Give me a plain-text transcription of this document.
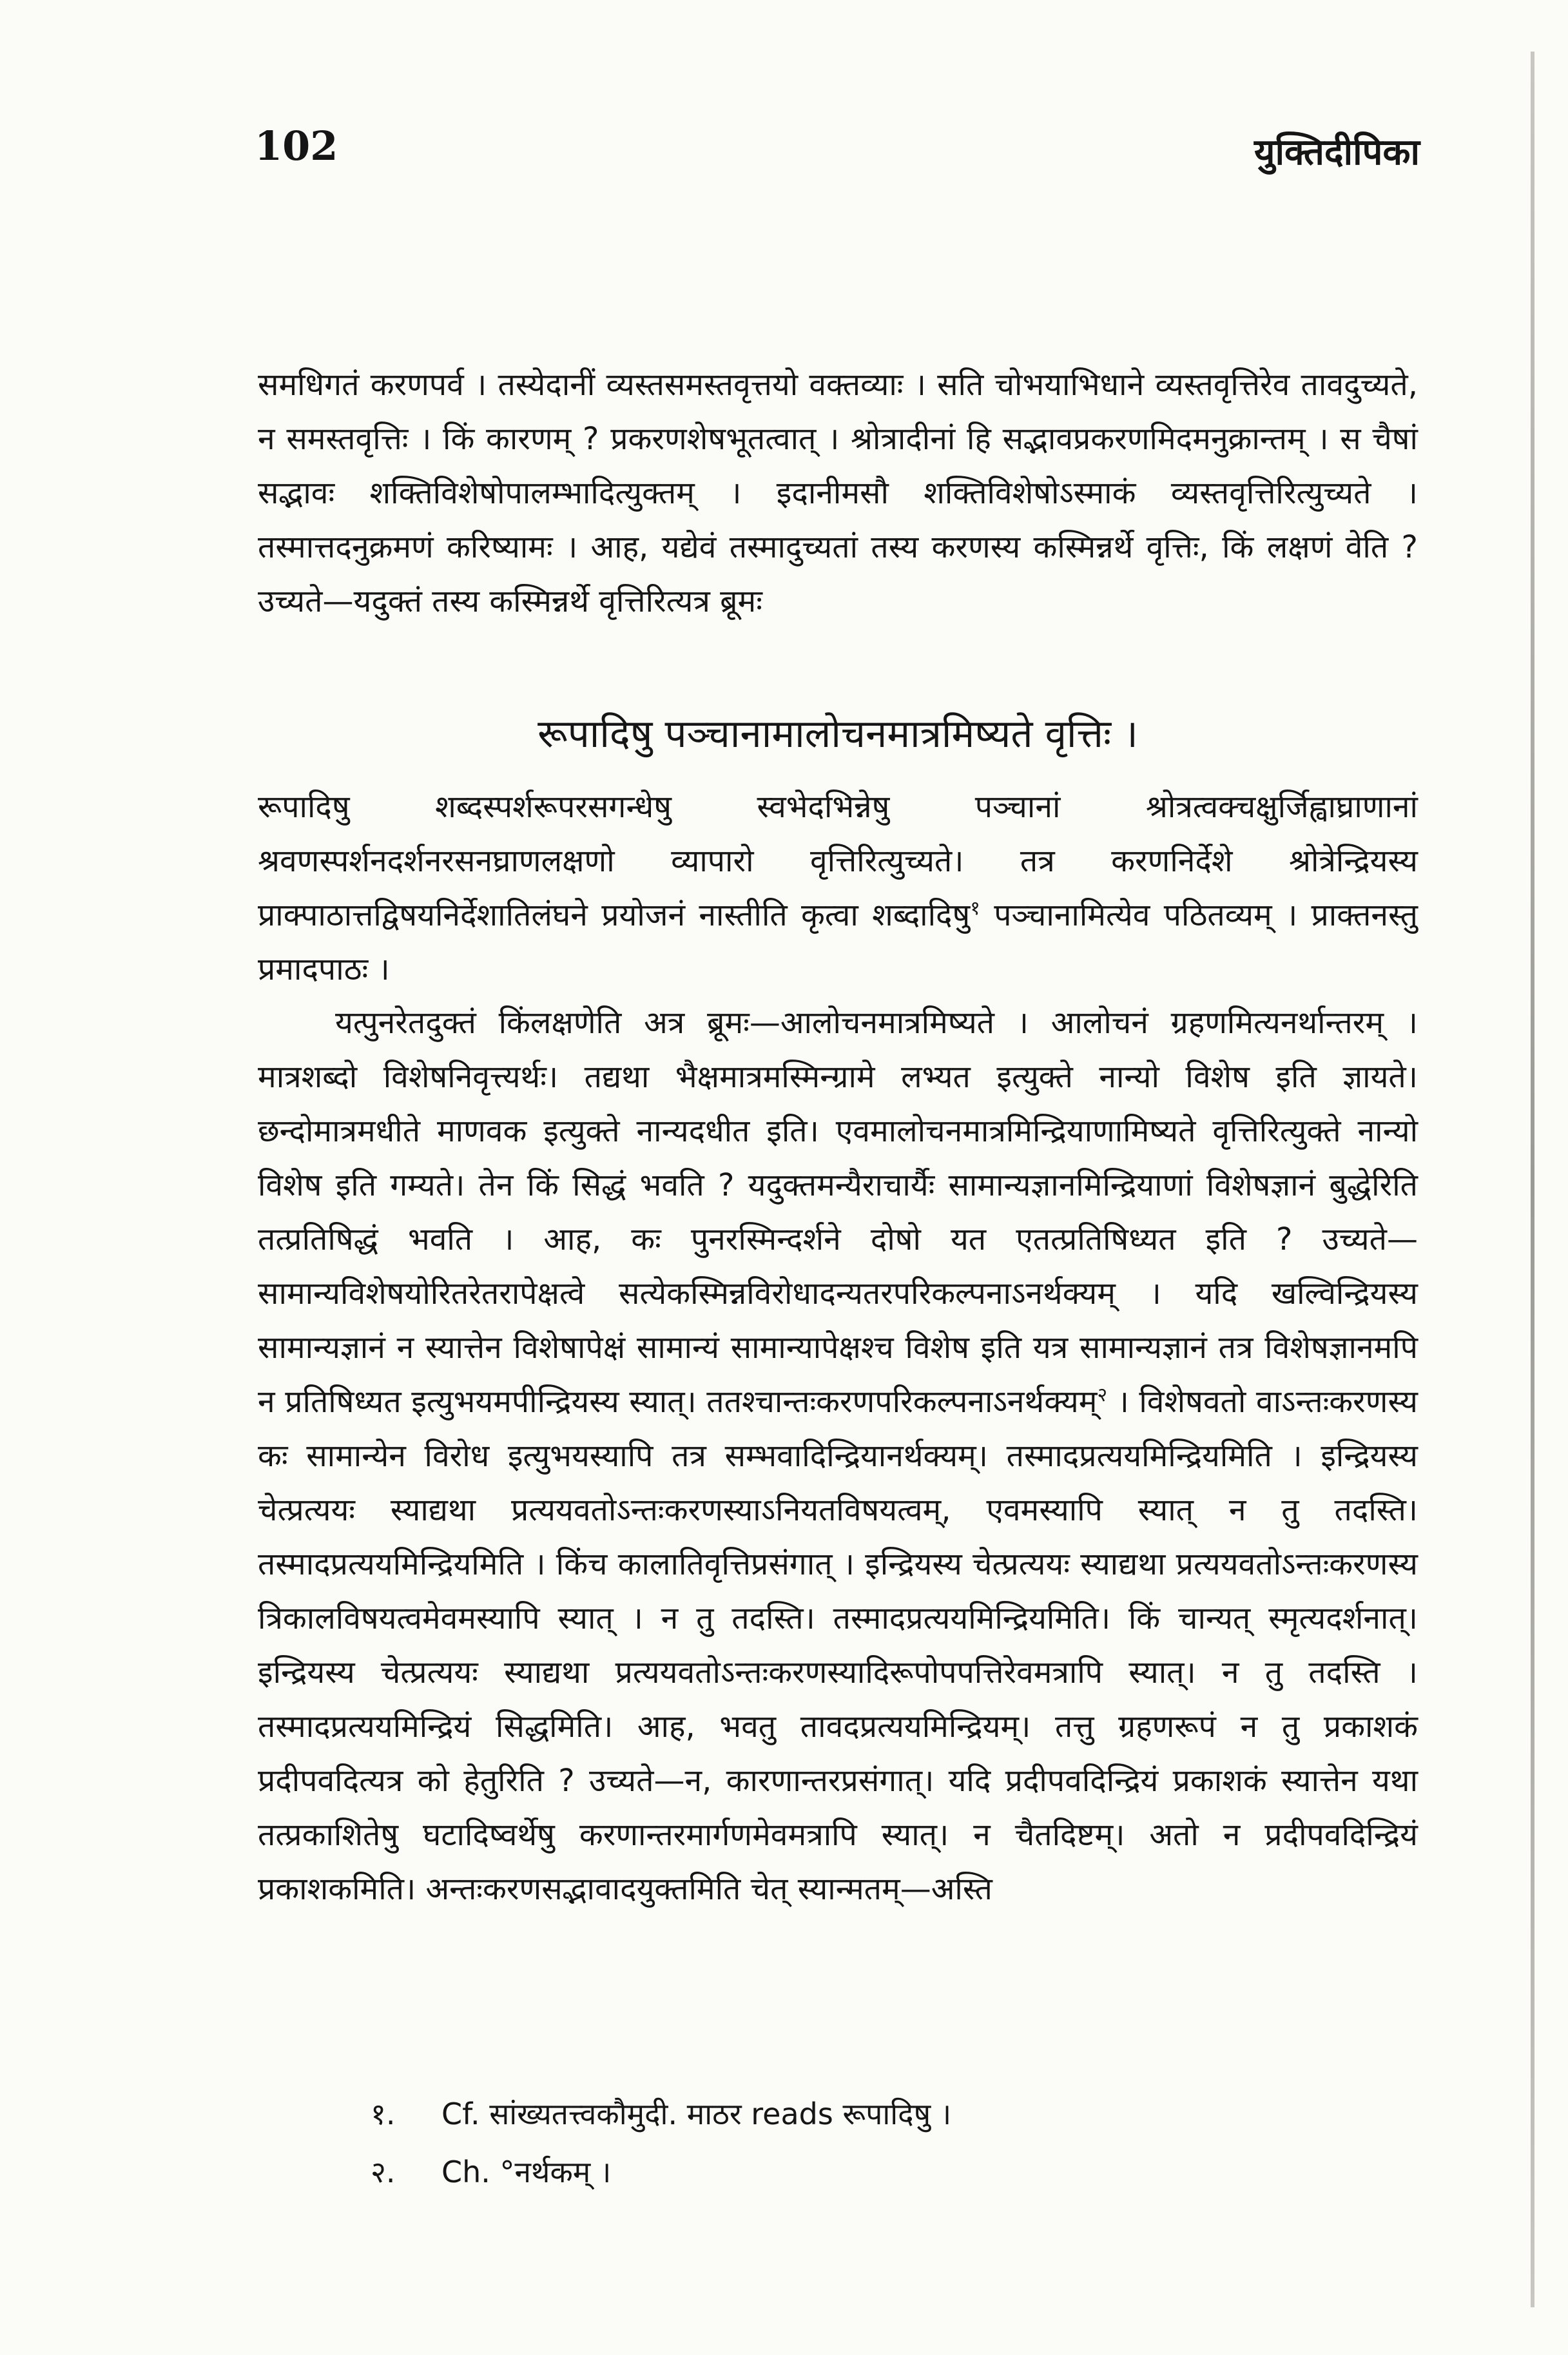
102	युक्तिदीपिका

समधिगतं करणपर्व । तस्येदानीं व्यस्तसमस्तवृत्तयो वक्तव्याः । सति चोभयाभिधाने व्यस्तवृत्तिरेव तावदुच्यते, न समस्तवृत्तिः । किं कारणम् ? प्रकरणशेषभूतत्वात् । श्रोत्रादीनां हि सद्भावप्रकरणमिदमनुक्रान्तम् । स चैषां सद्भावः शक्तिविशेषोपालम्भादित्युक्तम् । इदानीमसौ शक्तिविशेषोऽस्माकं व्यस्तवृत्तिरित्युच्यते । तस्मात्तदनुक्रमणं करिष्यामः । आह, यद्येवं तस्मादुच्यतां तस्य करणस्य कस्मिन्नर्थे वृत्तिः, किं लक्षणं वेति ? उच्यते—यदुक्तं तस्य कस्मिन्नर्थे वृत्तिरित्यत्र ब्रूमः

रूपादिषु पञ्चानामालोचनमात्रमिष्यते वृत्तिः ।

रूपादिषु शब्दस्पर्शरूपरसगन्धेषु स्वभेदभिन्नेषु पञ्चानां श्रोत्रत्वक्चक्षुर्जिह्वाघ्राणानां श्रवणस्पर्शनदर्शनरसनघ्राणलक्षणो व्यापारो वृत्तिरित्युच्यते। तत्र करणनिर्देशे श्रोत्रेन्द्रियस्य प्राक्पाठात्तद्विषयनिर्देशातिलंघने प्रयोजनं नास्तीति कृत्वा शब्दादिषु$^१$ पञ्चानामित्येव पठितव्यम् । प्राक्तनस्तु प्रमादपाठः ।

यत्पुनरेतदुक्तं किंलक्षणेति अत्र ब्रूमः—आलोचनमात्रमिष्यते । आलोचनं ग्रहणमित्यनर्थान्तरम् । मात्रशब्दो विशेषनिवृत्त्यर्थः। तद्यथा भैक्षमात्रमस्मिन्ग्रामे लभ्यत इत्युक्ते नान्यो विशेष इति ज्ञायते। छन्दोमात्रमधीते माणवक इत्युक्ते नान्यदधीत इति। एवमालोचनमात्रमिन्द्रियाणामिष्यते वृत्तिरित्युक्ते नान्यो विशेष इति गम्यते। तेन किं सिद्धं भवति ? यदुक्तमन्यैराचार्यैः सामान्यज्ञानमिन्द्रियाणां विशेषज्ञानं बुद्धेरिति तत्प्रतिषिद्धं भवति । आह, कः पुनरस्मिन्दर्शने दोषो यत एतत्प्रतिषिध्यत इति ? उच्यते—सामान्यविशेषयोरितरेतरापेक्षत्वे सत्येकस्मिन्नविरोधादन्यतरपरिकल्पनाऽनर्थक्यम् । यदि खल्विन्द्रियस्य सामान्यज्ञानं न स्यात्तेन विशेषापेक्षं सामान्यं सामान्यापेक्षश्च विशेष इति यत्र सामान्यज्ञानं तत्र विशेषज्ञानमपि न प्रतिषिध्यत इत्युभयमपीन्द्रियस्य स्यात्। ततश्चान्तःकरणपरिकल्पनाऽनर्थक्यम्$^२$ । विशेषवतो वाऽन्तःकरणस्य कः सामान्येन विरोध इत्युभयस्यापि तत्र सम्भवादिन्द्रियानर्थक्यम्। तस्मादप्रत्ययमिन्द्रियमिति । इन्द्रियस्य चेत्प्रत्ययः स्याद्यथा प्रत्ययवतोऽन्तःकरणस्याऽनियतविषयत्वम्, एवमस्यापि स्यात् न तु तदस्ति। तस्मादप्रत्ययमिन्द्रियमिति । किंच कालातिवृत्तिप्रसंगात् । इन्द्रियस्य चेत्प्रत्ययः स्याद्यथा प्रत्ययवतोऽन्तःकरणस्य त्रिकालविषयत्वमेवमस्यापि स्यात् । न तु तदस्ति। तस्मादप्रत्ययमिन्द्रियमिति। किं चान्यत् स्मृत्यदर्शनात्। इन्द्रियस्य चेत्प्रत्ययः स्याद्यथा प्रत्ययवतोऽन्तःकरणस्यादिरूपोपपत्तिरेवमत्रापि स्यात्। न तु तदस्ति । तस्मादप्रत्ययमिन्द्रियं सिद्धमिति। आह, भवतु तावदप्रत्ययमिन्द्रियम्। तत्तु ग्रहणरूपं न तु प्रकाशकं प्रदीपवदित्यत्र को हेतुरिति ? उच्यते—न, कारणान्तरप्रसंगात्। यदि प्रदीपवदिन्द्रियं प्रकाशकं स्यात्तेन यथा तत्प्रकाशितेषु घटादिष्वर्थेषु करणान्तरमार्गणमेवमत्रापि स्यात्। न चैतदिष्टम्। अतो न प्रदीपवदिन्द्रियं प्रकाशकमिति। अन्तःकरणसद्भावादयुक्तमिति चेत् स्यान्मतम्—अस्ति

१. Cf. सांख्यतत्त्वकौमुदी. माठर reads रूपादिषु ।
२. Ch. °नर्थकम् ।
